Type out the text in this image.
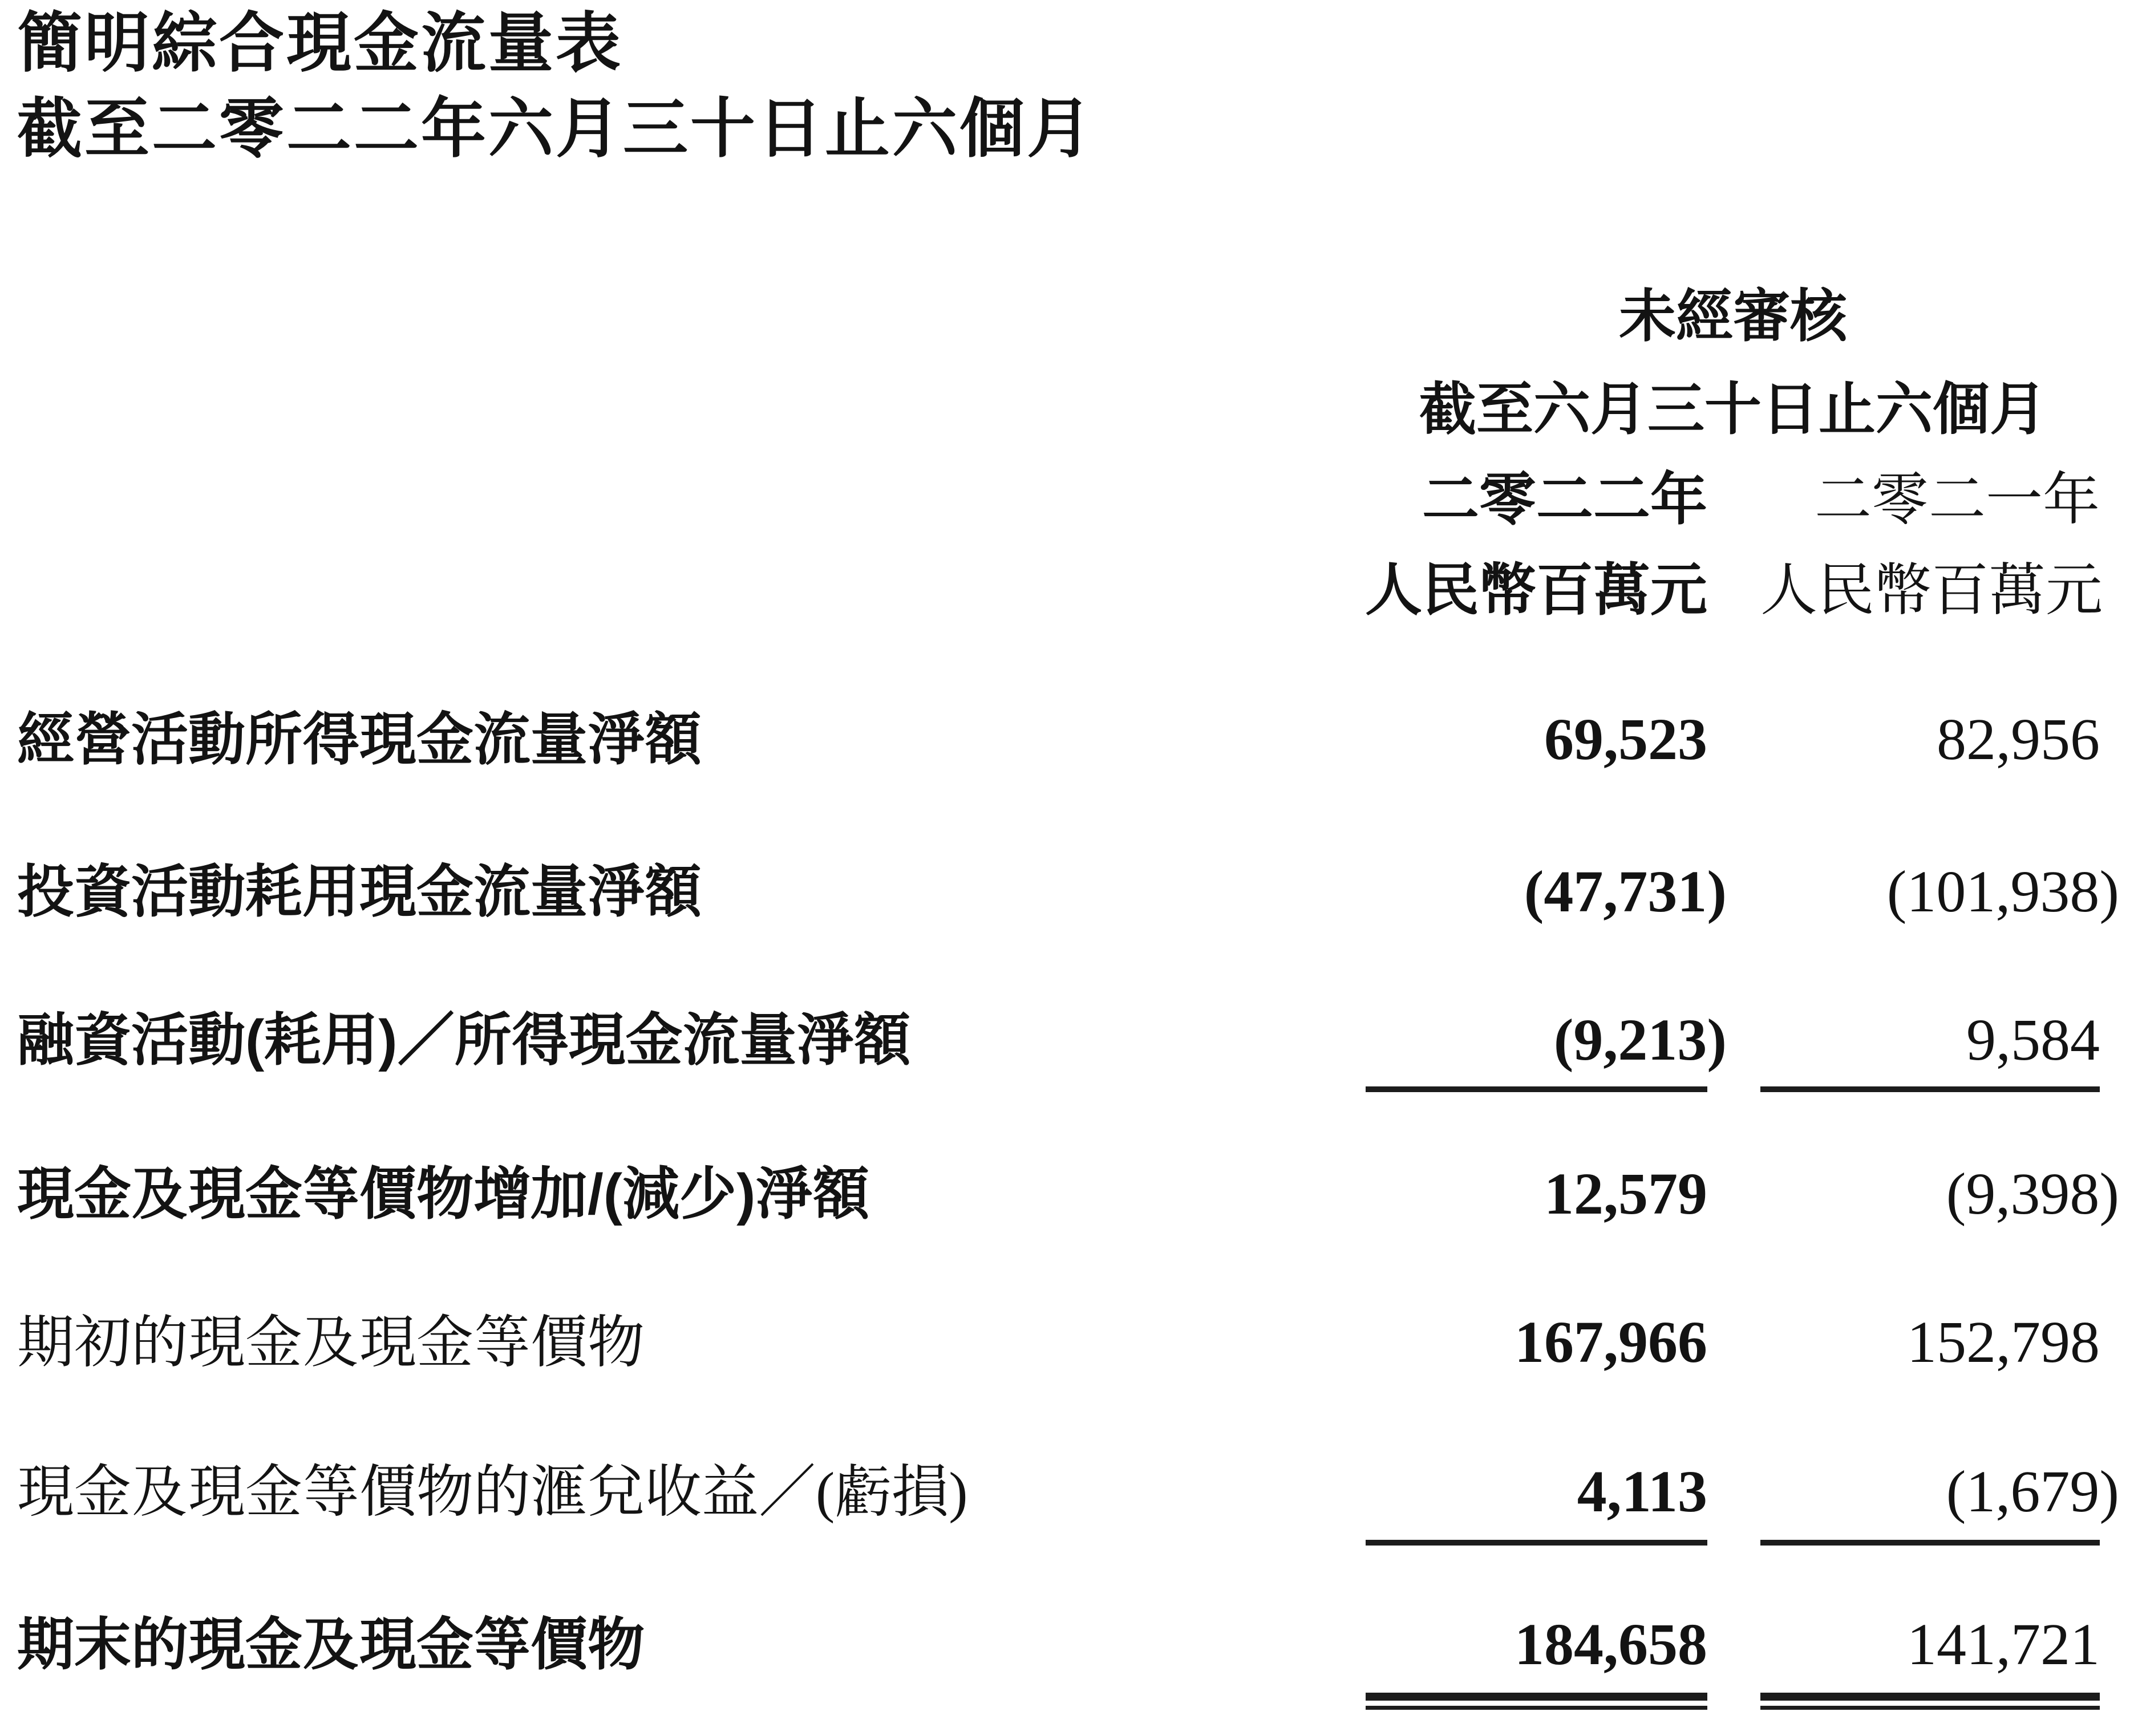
簡明綜合現金流量表
截至二零二二年六月三十日止六個月
未經審核
截至六月三十日止六個月
二零二二年	二零二一年
人民幣百萬元 人民幣百萬元
經營活動所得現金流量淨額	69,523	82,956
投資活動耗用現金流量淨額	(47,731)	(101,938)
融資活動(耗用)／所得現金流量淨額	(9,213)	9,584
現金及現金等價物增加/(減少)淨額	12,579	(9,398)
期初的現金及現金等價物	167,966	152,798
現金及現金等價物的滙兌收益／(虧損)	4,113	(1,679)
期末的現金及現金等價物	184,658	141,721
